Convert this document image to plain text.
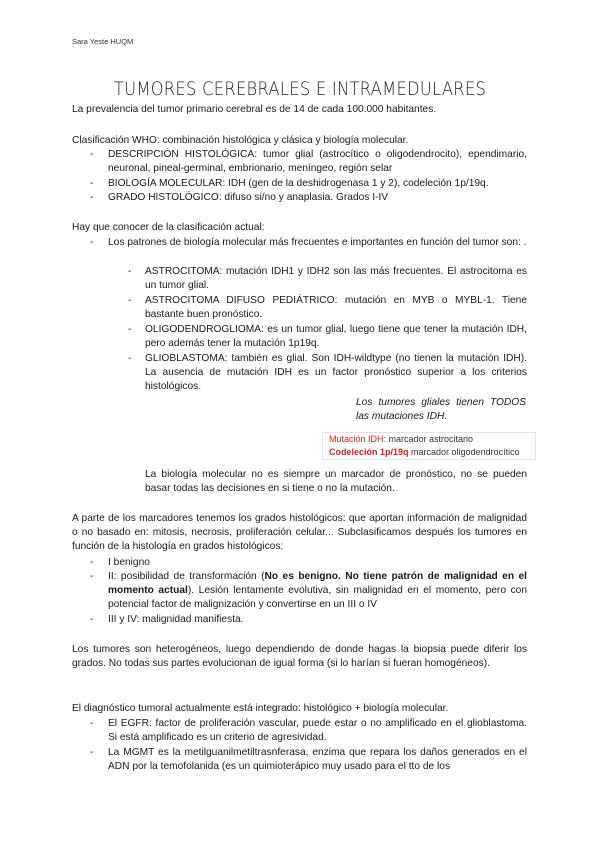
Sara Yeste HUQM
TUMORES CEREBRALES E INTRAMEDULARES
La prevalencia del tumor primario cerebral es de 14 de cada 100.000 habitantes.
Clasificación WHO: combinación histológica y clásica y biología molecular.
- DESCRIPCIÓN HISTOLÓGICA: tumor glial (astrocítico o oligodendrocito), ependimario, neuronal, pineal-germinal, embrionario, meníngeo, región selar
- BIOLOGÍA MOLECULAR: IDH (gen de la deshidrogenasa 1 y 2), codeleción 1p/19q.
- GRADO HISTOLÓGICO: difuso si/no y anaplasia. Grados I-IV
Hay que conocer de la clasificación actual:
- Los patrones de biología molecular más frecuentes e importantes en función del tumor son: .
- ASTROCITOMA: mutación IDH1 y IDH2 son las más frecuentes. El astrocitoma es un tumor glial.
- ASTROCITOMA DIFUSO PEDIÁTRICO: mutación en MYB o MYBL-1. Tiene bastante buen pronóstico.
- OLIGODENDROGLIOMA: es un tumor glial, luego tiene que tener la mutación IDH, pero además tener la mutación 1p19q.
- GLIOBLASTOMA: también es glial. Son IDH-wildtype (no tienen la mutación IDH). La ausencia de mutación IDH es un factor pronóstico superior a los criterios histológicos.
Los tumores gliales tienen TODOS las mutaciones IDH.
Mutación IDH: marcador astrocitario
Codeleción 1p/19q marcador oligodendrocítico
La biología molecular no es siempre un marcador de pronóstico, no se pueden basar todas las decisiones en si tiene o no la mutación.
A parte de los marcadores tenemos los grados histológicos: que aportan información de malignidad o no basado en: mitosis, necrosis, proliferación celular... Subclasificamos después los tumores en función de la histología en grados histológicos:
- I benigno
- II: posibilidad de transformación (No es benigno. No tiene patrón de malignidad en el momento actual). Lesión lentamente evolutiva, sin malignidad en el momento, pero con potencial factor de malignización y convertirse en un III o IV
- III y IV: malignidad manifiesta.
Los tumores son heterogéneos, luego dependiendo de donde hagas la biopsia puede diferir los grados. No todas sus partes evolucionan de igual forma (si lo harían si fueran homogéneos).
El diagnóstico tumoral actualmente está integrado: histológico + biología molecular.
- El EGFR: factor de proliferación vascular, puede estar o no amplificado en el glioblastoma. Si está amplificado es un criterio de agresividad.
- La MGMT es la metilguanilmetiltrasnferasa, enzima que repara los daños generados en el ADN por la temofolanida (es un quimioterápico muy usado para el tto de los
